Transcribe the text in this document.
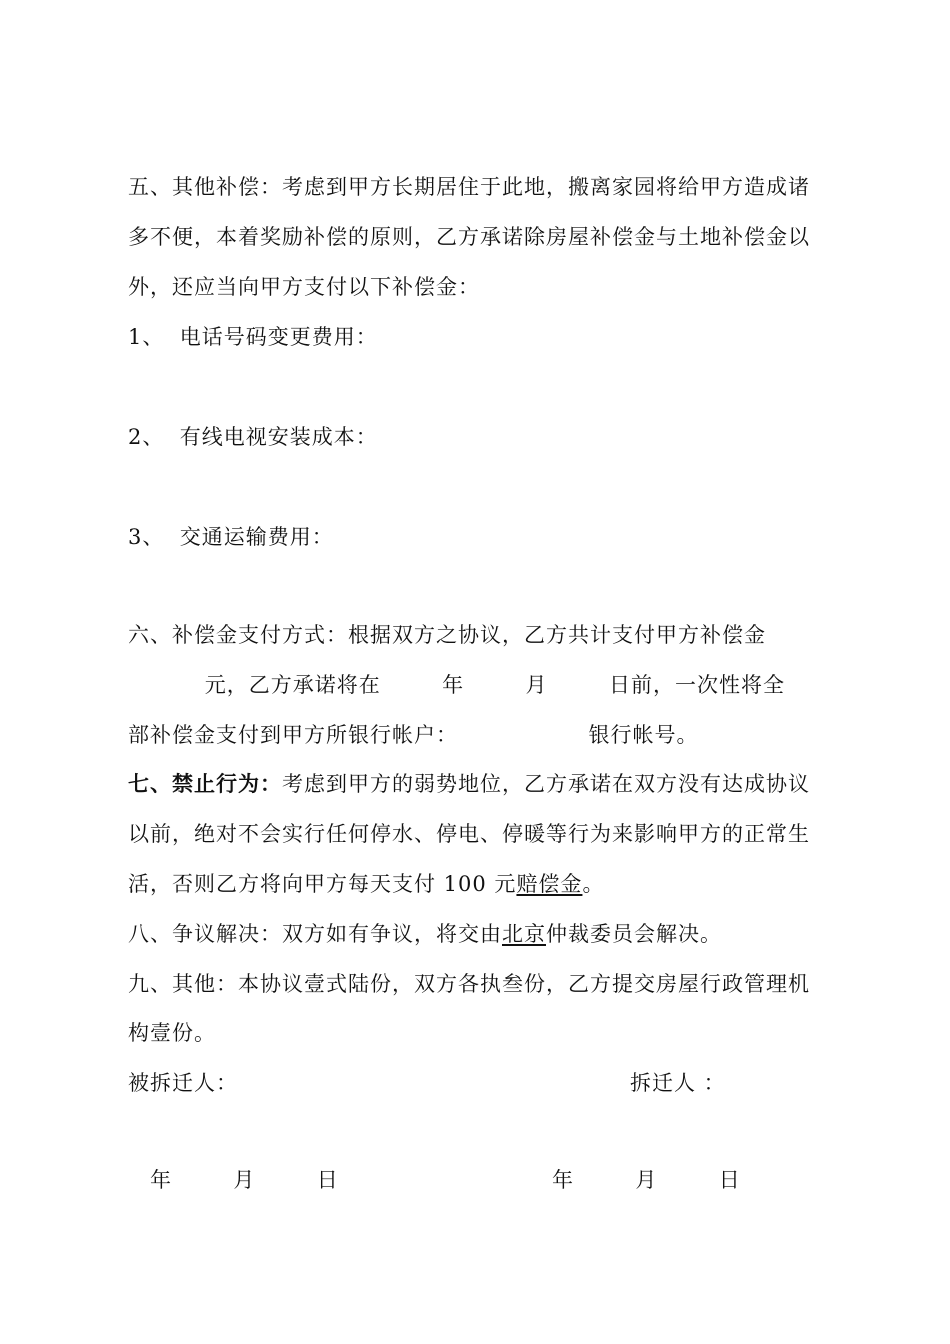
五、其他补偿：考虑到甲方长期居住于此地，搬离家园将给甲方造成诸
多不便，本着奖励补偿的原则，乙方承诺除房屋补偿金与土地补偿金以
外，还应当向甲方支付以下补偿金：
1、  电话号码变更费用：
2、  有线电视安装成本：
3、  交通运输费用：
六、补偿金支付方式：根据双方之协议，乙方共计支付甲方补偿金
元，乙方承诺将在        年        月        日前，一次性将全
部补偿金支付到甲方所银行帐户：                 银行帐号。
七、禁止行为：考虑到甲方的弱势地位，乙方承诺在双方没有达成协议
以前，绝对不会实行任何停水、停电、停暖等行为来影响甲方的正常生
活，否则乙方将向甲方每天支付 100 元赔偿金。
八、争议解决：双方如有争议，将交由北京仲裁委员会解决。
九、其他：本协议壹式陆份，双方各执叁份，乙方提交房屋行政管理机
构壹份。
被拆迁人：	拆迁人 ：
年        月        日	年        月        日
